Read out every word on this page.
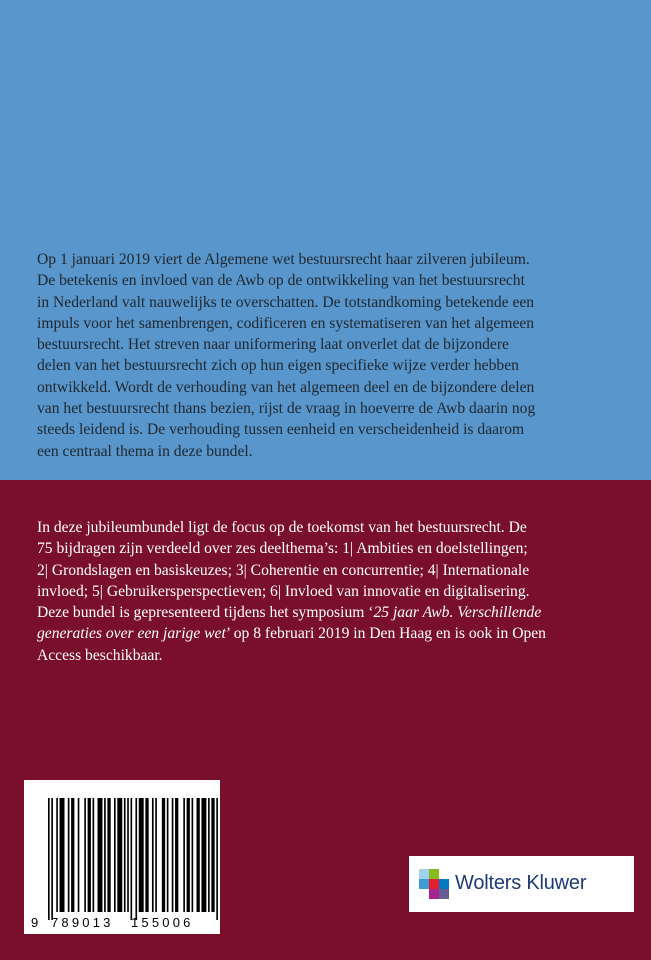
Op 1 januari 2019 viert de Algemene wet bestuursrecht haar zilveren jubileum.
De betekenis en invloed van de Awb op de ontwikkeling van het bestuursrecht
in Nederland valt nauwelijks te overschatten. De totstandkoming betekende een
impuls voor het samenbrengen, codificeren en systematiseren van het algemeen
bestuursrecht. Het streven naar uniformering laat onverlet dat de bijzondere
delen van het bestuursrecht zich op hun eigen specifieke wijze verder hebben
ontwikkeld. Wordt de verhouding van het algemeen deel en de bijzondere delen
van het bestuursrecht thans bezien, rijst de vraag in hoeverre de Awb daarin nog
steeds leidend is. De verhouding tussen eenheid en verscheidenheid is daarom
een centraal thema in deze bundel.

In deze jubileumbundel ligt de focus op de toekomst van het bestuursrecht. De
75 bijdragen zijn verdeeld over zes deelthema’s: 1| Ambities en doelstellingen;
2| Grondslagen en basiskeuzes; 3| Coherentie en concurrentie; 4| Internationale
invloed; 5| Gebruikersperspectieven; 6| Invloed van innovatie en digitalisering.
Deze bundel is gepresenteerd tijdens het symposium ‘25 jaar Awb. Verschillende
generaties over een jarige wet’ op 8 februari 2019 in Den Haag en is ook in Open
Access beschikbaar.

9 789013 155006
Wolters Kluwer
